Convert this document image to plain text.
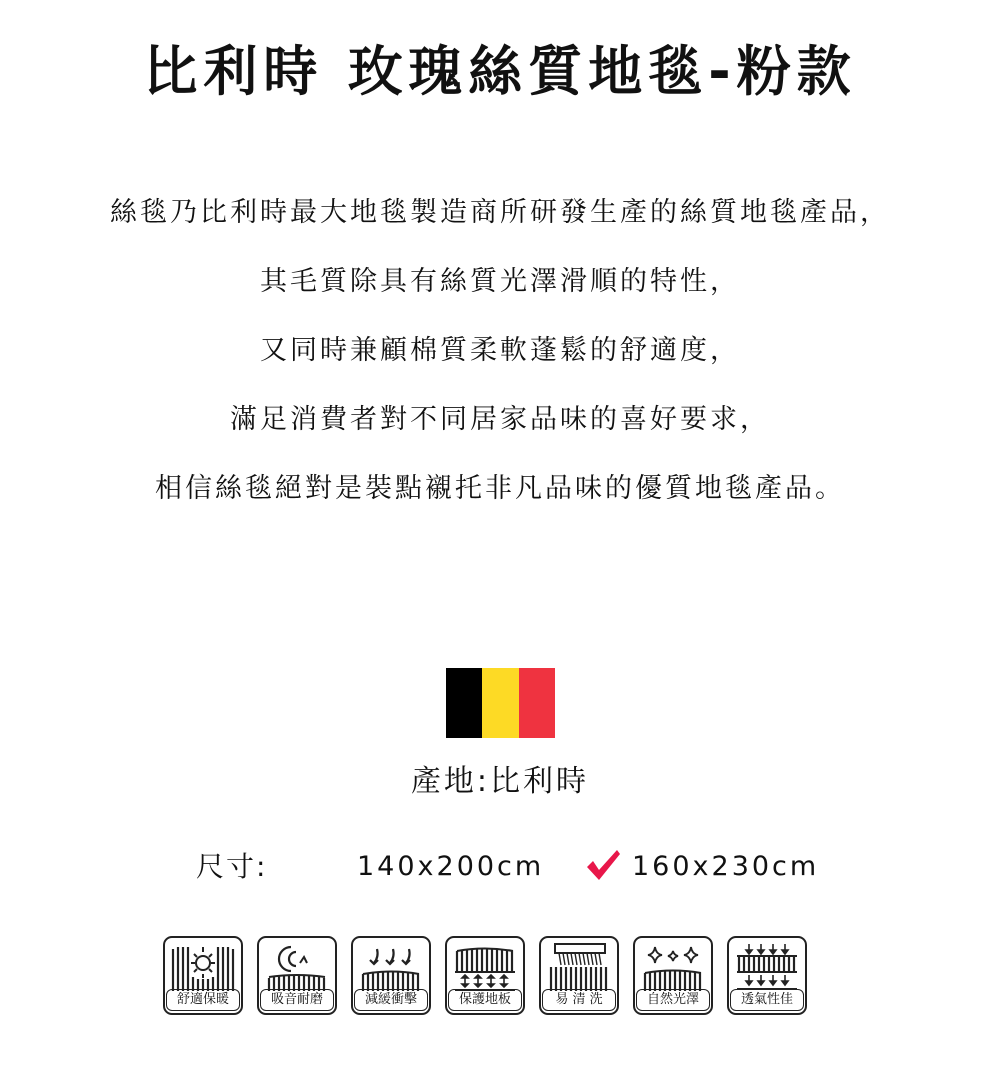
比利時 玫瑰絲質地毯-粉款
絲毯乃比利時最大地毯製造商所研發生產的絲質地毯產品，
其毛質除具有絲質光澤滑順的特性，
又同時兼顧棉質柔軟蓬鬆的舒適度，
滿足消費者對不同居家品味的喜好要求，
相信絲毯絕對是裝點襯托非凡品味的優質地毯產品。
產地:比利時
尺寸:	140x200cm	160x230cm
舒適保暖	吸音耐磨	減緩衝擊	保護地板	易 清 洗	自然光澤	透氣性佳
